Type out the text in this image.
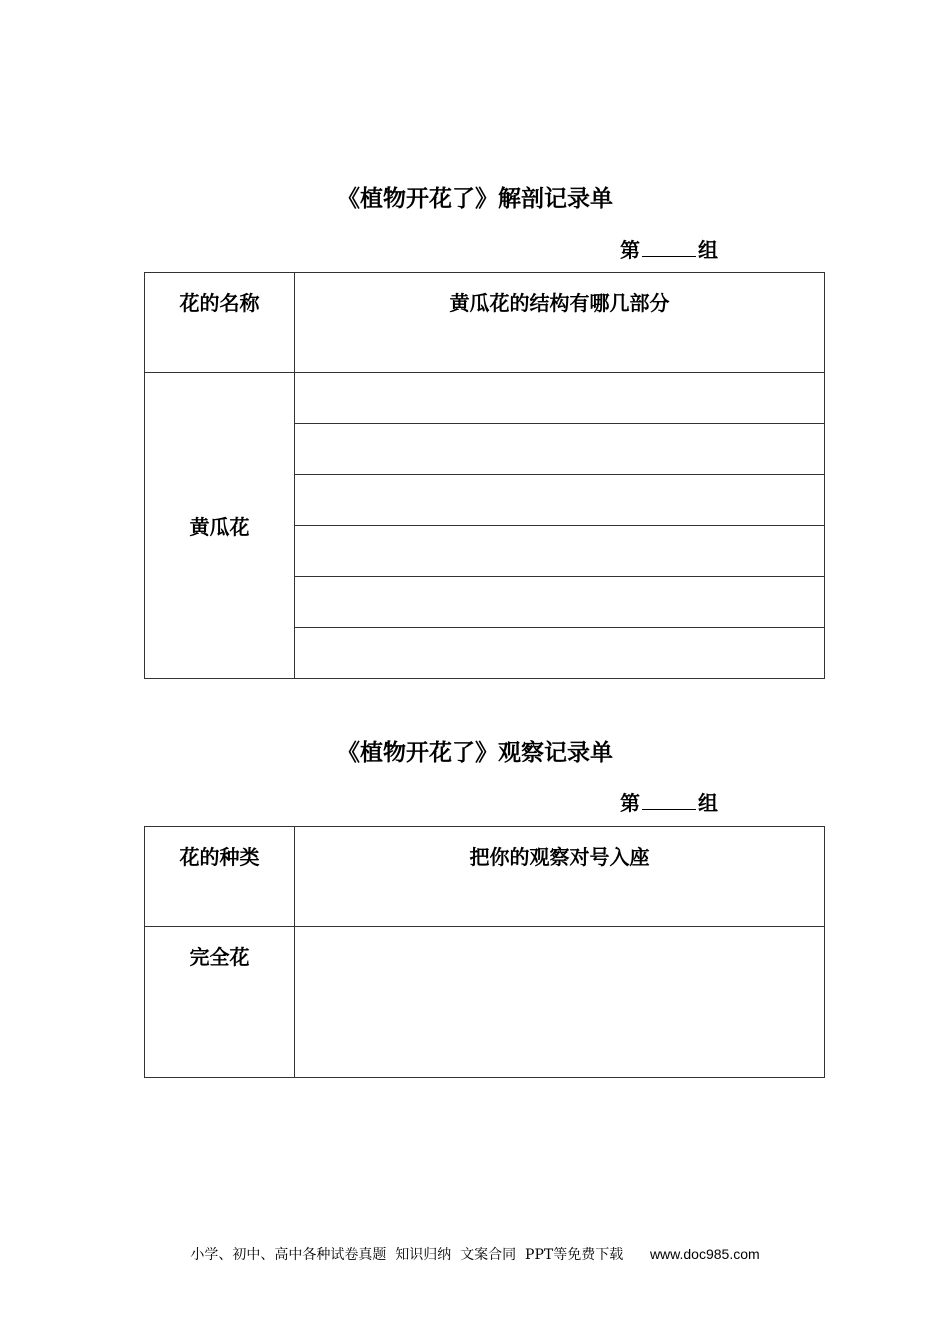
《植物开花了》解剖记录单
第	组
花的名称	黄瓜花的结构有哪几部分
黄瓜花	

《植物开花了》观察记录单
第	组
花的种类	把你的观察对号入座
完全花	
小学、初中、高中各种试卷真题  知识归纳  文案合同  PPT等免费下载 www.doc985.com
